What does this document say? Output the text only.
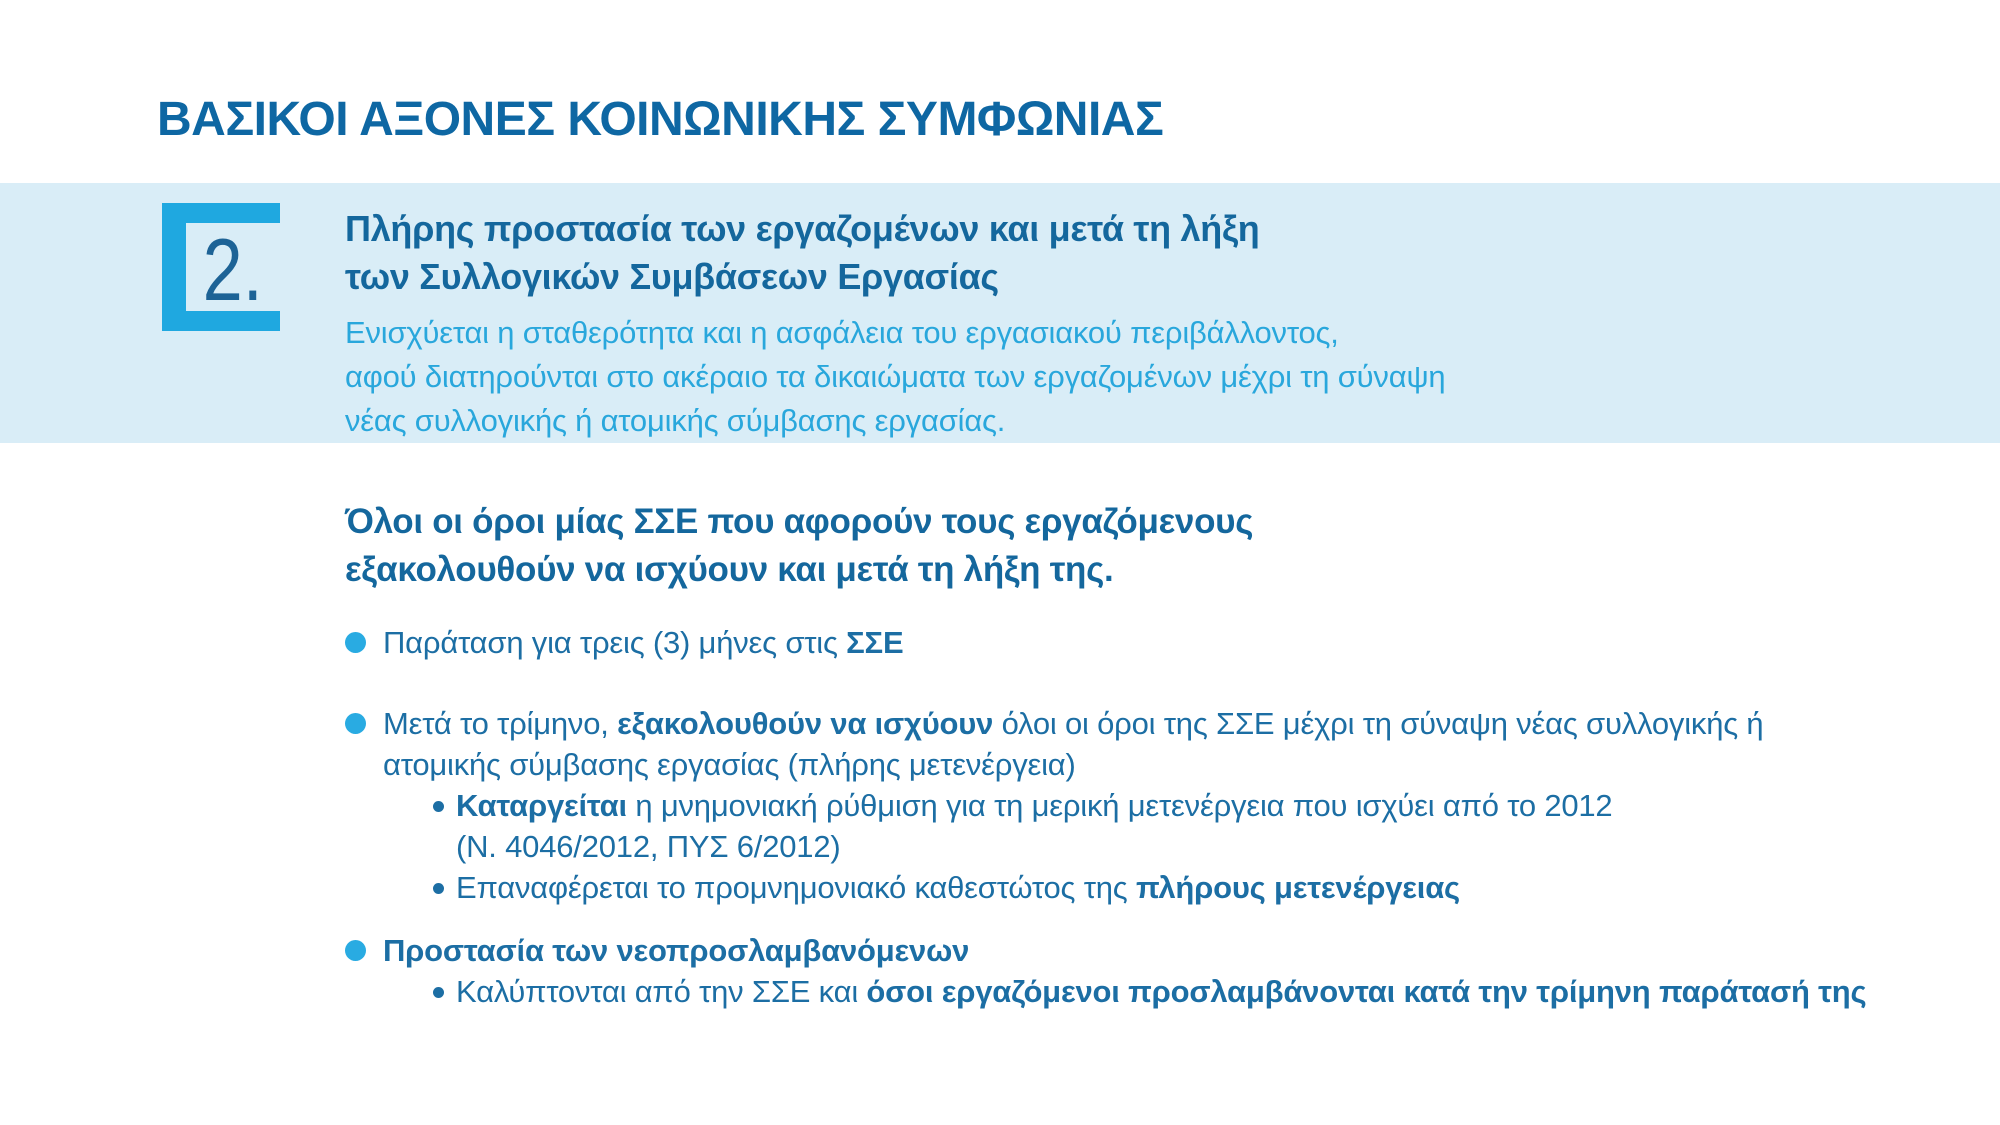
ΒΑΣΙΚΟΙ ΑΞΟΝΕΣ ΚΟΙΝΩΝΙΚΗΣ ΣΥΜΦΩΝΙΑΣ
2. Πλήρης προστασία των εργαζομένων και μετά τη λήξη
των Συλλογικών Συμβάσεων Εργασίας

Ενισχύεται η σταθερότητα και η ασφάλεια του εργασιακού περιβάλλοντος,
αφού διατηρούνται στο ακέραιο τα δικαιώματα των εργαζομένων μέχρι τη σύναψη
νέας συλλογικής ή ατομικής σύμβασης εργασίας.

Όλοι οι όροι μίας ΣΣΕ που αφορούν τους εργαζόμενους
εξακολουθούν να ισχύουν και μετά τη λήξη της.
Παράταση για τρεις (3) μήνες στις ΣΣΕ
Μετά το τρίμηνο, εξακολουθούν να ισχύουν όλοι οι όροι της ΣΣΕ μέχρι τη σύναψη νέας συλλογικής ή
ατομικής σύμβασης εργασίας (πλήρης μετενέργεια)
Καταργείται η μνημονιακή ρύθμιση για τη μερική μετενέργεια που ισχύει από το 2012
(Ν. 4046/2012, ΠΥΣ 6/2012)
Επαναφέρεται το προμνημονιακό καθεστώτος της πλήρους μετενέργειας
Προστασία των νεοπροσλαμβανόμενων
Καλύπτονται από την ΣΣΕ και όσοι εργαζόμενοι προσλαμβάνονται κατά την τρίμηνη παράτασή της
